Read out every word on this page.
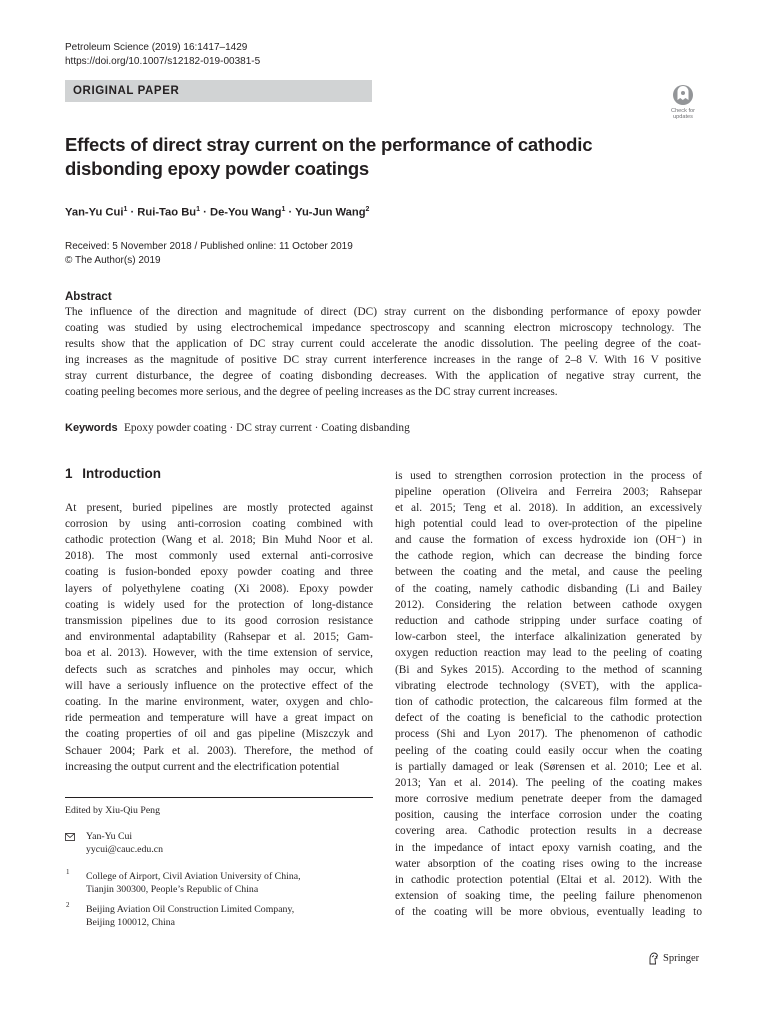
Petroleum Science (2019) 16:1417–1429
https://doi.org/10.1007/s12182-019-00381-5
ORIGINAL PAPER
Check for updates
Effects of direct stray current on the performance of cathodic
disbonding epoxy powder coatings
Yan-Yu Cui$^1$ · Rui-Tao $Bu^1 \cdot De-You$ Wang$^1$ · Yu-Jun Wang$^2$
Received: 5 November 2018 / Published online: 11 October 2019
© The Author(s) 2019
Abstract
The influence of the direction and magnitude of direct (DC) stray current on the disbonding performance of epoxy powder
coating was studied by using electrochemical impedance spectroscopy and scanning electron microscopy technology. The
results show that the application of DC stray current could accelerate the anodic dissolution. The peeling degree of the coat-
ing increases as the magnitude of positive DC stray current interference increases in the range of 2–8 V. With 16 V positive
stray current disturbance, the degree of coating disbonding decreases. With the application of negative stray current, the
coating peeling becomes more serious, and the degree of peeling increases as the DC stray current increases.
Keywords Epoxy powder coating · DC stray current · Coating disbanding
1 Introduction
At present, buried pipelines are mostly protected against
corrosion by using anti-corrosion coating combined with
cathodic protection (Wang et al. 2018; Bin Muhd Noor et al.
2018). The most commonly used external anti-corrosive
coating is fusion-bonded epoxy powder coating and three
layers of polyethylene coating (Xi 2008). Epoxy powder
coating is widely used for the protection of long-distance
transmission pipelines due to its good corrosion resistance
and environmental adaptability (Rahsepar et al. 2015; Gam-
boa et al. 2013). However, with the time extension of service,
defects such as scratches and pinholes may occur, which
will have a seriously influence on the protective effect of the
coating. In the marine environment, water, oxygen and chlo-
ride permeation and temperature will have a great impact on
the coating properties of oil and gas pipeline (Miszczyk and
Schauer 2004; Park et al. 2003). Therefore, the method of
increasing the output current and the electrification potential
is used to strengthen corrosion protection in the process of
pipeline operation (Oliveira and Ferreira 2003; Rahsepar
et al. 2015; Teng et al. 2018). In addition, an excessively
high potential could lead to over-protection of the pipeline
and cause the formation of excess hydroxide ion (OH⁻) in
the cathode region, which can decrease the binding force
between the coating and the metal, and cause the peeling
of the coating, namely cathodic disbanding (Li and Bailey
2012). Considering the relation between cathode oxygen
reduction and cathode stripping under surface coating of
low-carbon steel, the interface alkalinization generated by
oxygen reduction reaction may lead to the peeling of coating
(Bi and Sykes 2015). According to the method of scanning
vibrating electrode technology (SVET), with the applica-
tion of cathodic protection, the calcareous film formed at the
defect of the coating is beneficial to the cathodic protection
process (Shi and Lyon 2017). The phenomenon of cathodic
peeling of the coating could easily occur when the coating
is partially damaged or leak (Sørensen et al. 2010; Lee et al.
2013; Yan et al. 2014). The peeling of the coating makes
more corrosive medium penetrate deeper from the damaged
position, causing the interface corrosion under the coating
covering area. Cathodic protection results in a decrease
in the impedance of intact epoxy varnish coating, and the
water absorption of the coating rises owing to the increase
in cathodic protection potential (Eltai et al. 2012). With the
extension of soaking time, the peeling failure phenomenon
of the coating will be more obvious, eventually leading to
Edited by Xiu-Qiu Peng
Yan-Yu Cui
yycui@cauc.edu.cn
1 College of Airport, Civil Aviation University of China,
Tianjin 300300, People’s Republic of China
2 Beijing Aviation Oil Construction Limited Company,
Beijing 100012, China
Springer
